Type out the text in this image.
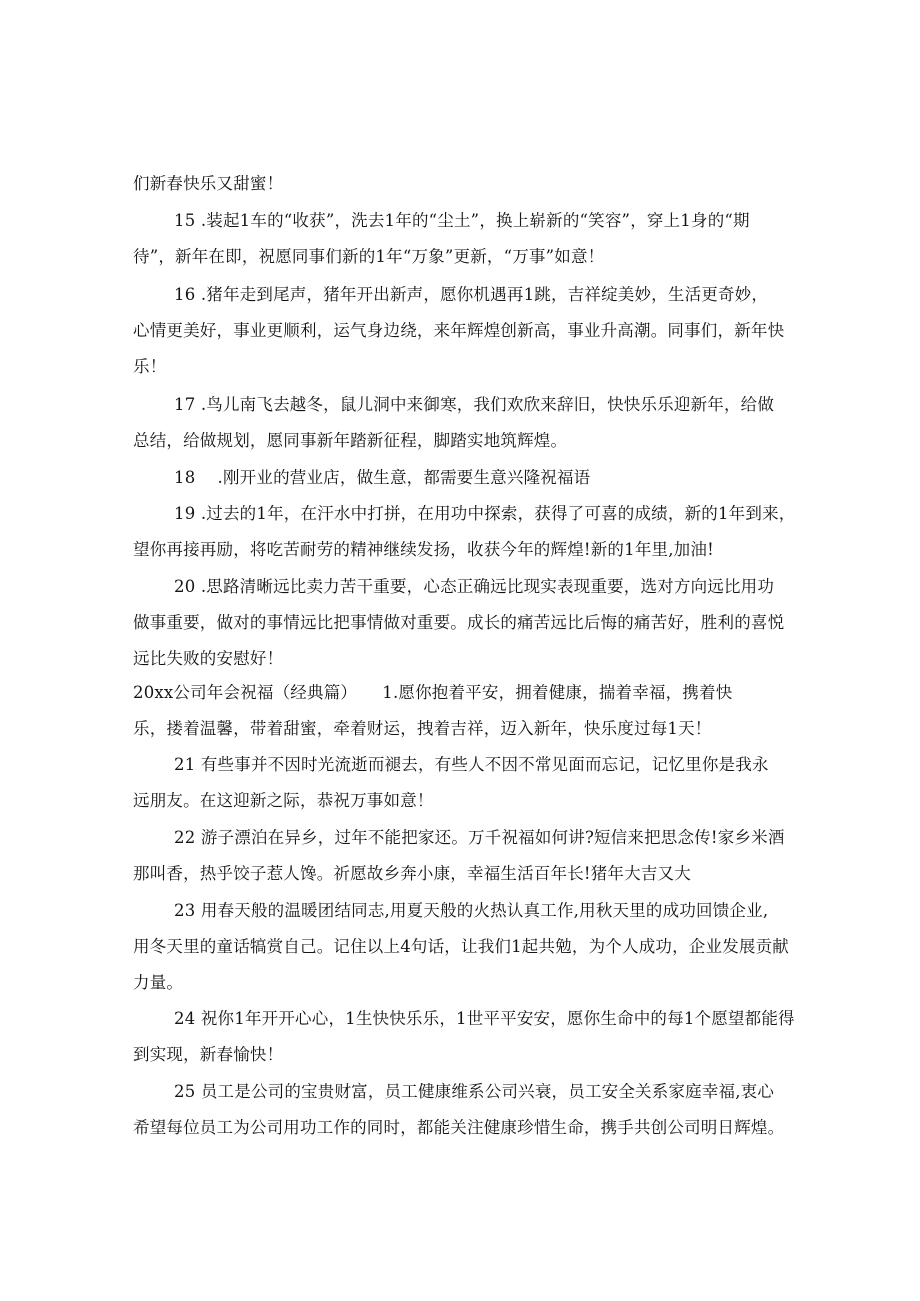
们新春快乐又甜蜜！
15 .装起1车的“收获”，洗去1年的“尘土”，换上崭新的“笑容”，穿上1身的“期
待”，新年在即，祝愿同事们新的1年“万象”更新，“万事”如意！
16 .猪年走到尾声，猪年开出新声，愿你机遇再1跳，吉祥绽美妙，生活更奇妙，
心情更美好，事业更顺利，运气身边绕，来年辉煌创新高，事业升高潮。同事们，新年快
乐！
17 .鸟儿南飞去越冬，鼠儿洞中来御寒，我们欢欣来辞旧，快快乐乐迎新年，给做
总结，给做规划，愿同事新年踏新征程，脚踏实地筑辉煌。
18　 .刚开业的营业店，做生意，都需要生意兴隆祝福语
19 .过去的1年，在汗水中打拼，在用功中探索，获得了可喜的成绩，新的1年到来，
望你再接再励，将吃苦耐劳的精神继续发扬，收获今年的辉煌!新的1年里,加油!
20 .思路清晰远比卖力苦干重要，心态正确远比现实表现重要，选对方向远比用功
做事重要，做对的事情远比把事情做对重要。成长的痛苦远比后悔的痛苦好，胜利的喜悦
远比失败的安慰好！
20xx公司年会祝福（经典篇）　　1.愿你抱着平安，拥着健康，揣着幸福，携着快
乐，搂着温馨，带着甜蜜，牵着财运，拽着吉祥，迈入新年，快乐度过每1天！
21 有些事并不因时光流逝而褪去，有些人不因不常见面而忘记，记忆里你是我永
远朋友。在这迎新之际，恭祝万事如意！
22 游子漂泊在异乡，过年不能把家还。万千祝福如何讲?短信来把思念传!家乡米酒
那叫香，热乎饺子惹人馋。祈愿故乡奔小康，幸福生活百年长!猪年大吉又大
23 用春天般的温暖团结同志,用夏天般的火热认真工作,用秋天里的成功回馈企业,
用冬天里的童话犒赏自己。记住以上4句话，让我们1起共勉，为个人成功，企业发展贡献
力量。
24 祝你1年开开心心，1生快快乐乐，1世平平安安，愿你生命中的每1个愿望都能得
到实现，新春愉快！
25 员工是公司的宝贵财富，员工健康维系公司兴衰，员工安全关系家庭幸福,衷心
希望每位员工为公司用功工作的同时，都能关注健康珍惜生命，携手共创公司明日辉煌。
